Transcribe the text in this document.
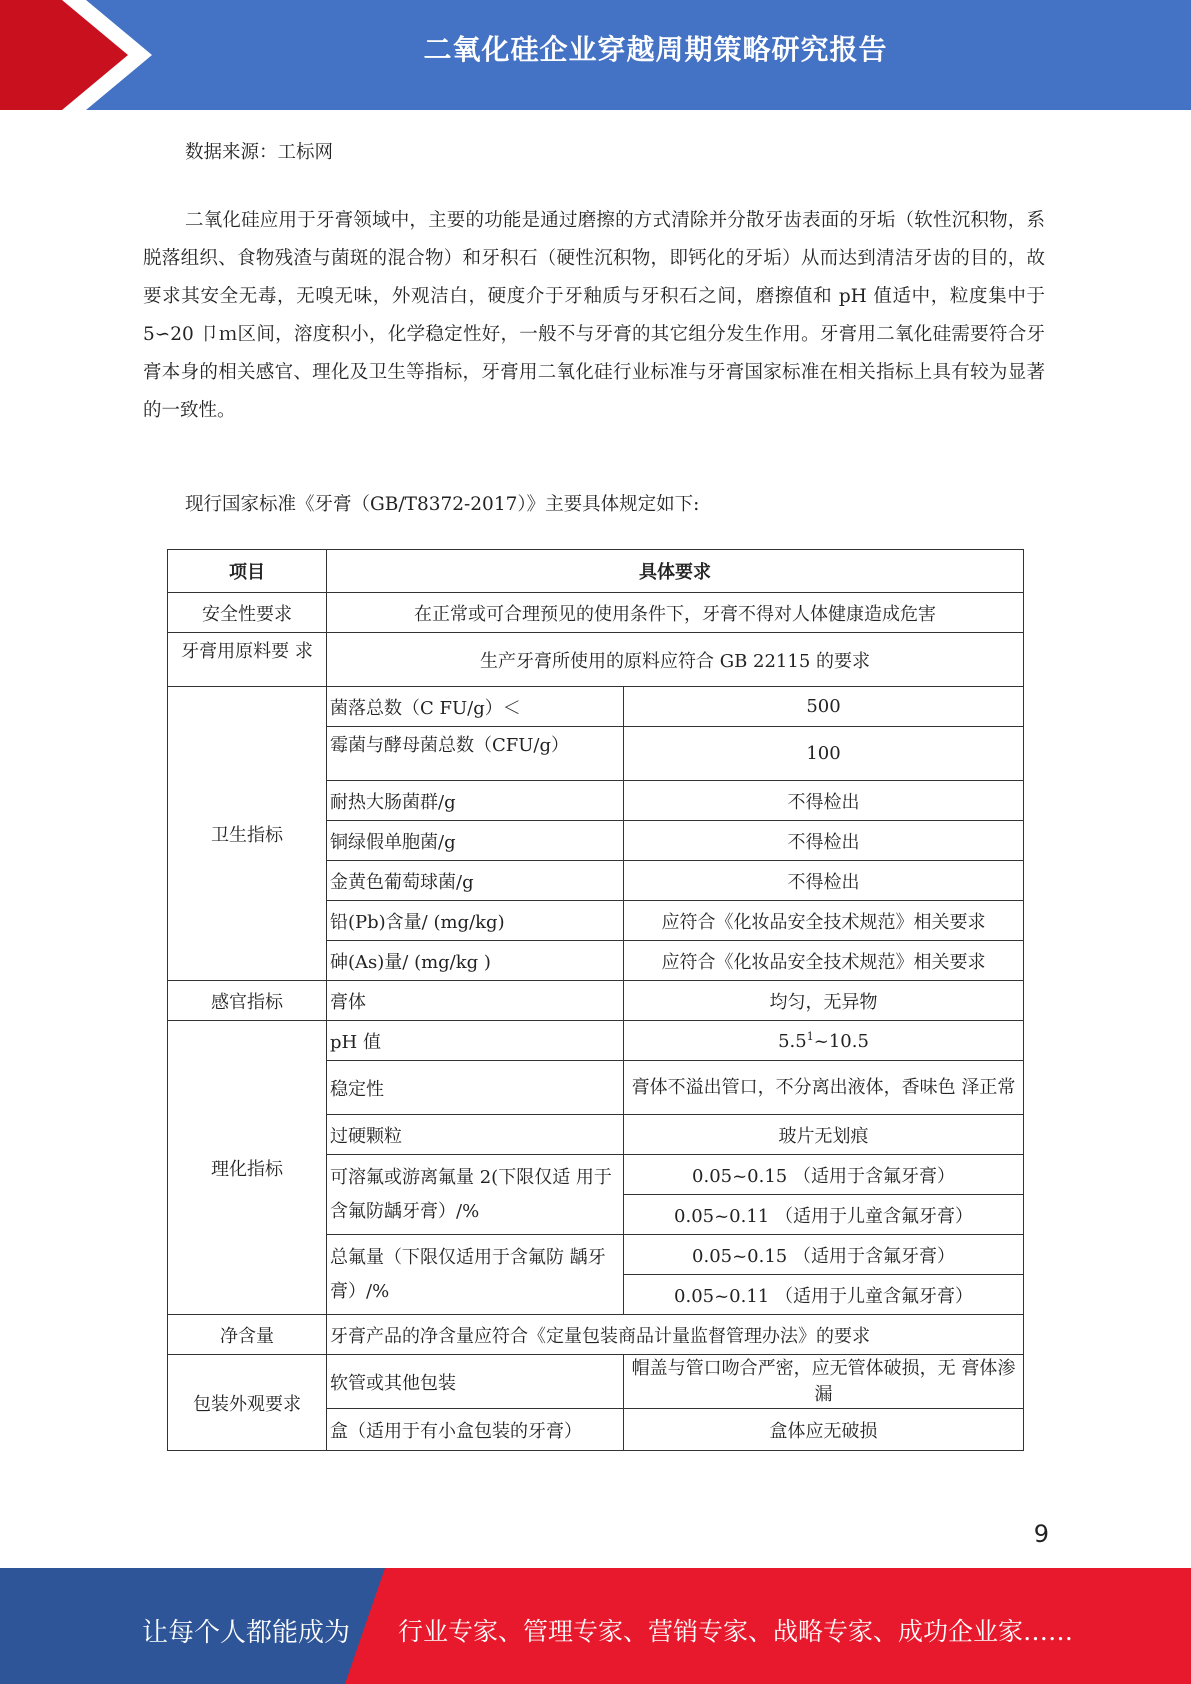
二氧化硅企业穿越周期策略研究报告
数据来源：工标网
二氧化硅应用于牙膏领域中，主要的功能是通过磨擦的方式清除并分散牙齿表面的牙垢（软性沉积物，系脱落组织、食物残渣与菌斑的混合物）和牙积石（硬性沉积物，即钙化的牙垢）从而达到清洁牙齿的目的，故要求其安全无毒，无嗅无味，外观洁白，硬度介于牙釉质与牙积石之间，磨擦值和 pH 值适中，粒度集中于 5∽20 卩ｍ区间，溶度积小，化学稳定性好，一般不与牙膏的其它组分发生作用。牙膏用二氧化硅需要符合牙膏本身的相关感官、理化及卫生等指标，牙膏用二氧化硅行业标准与牙膏国家标准在相关指标上具有较为显著的一致性。
现行国家标准《牙膏（GB/T8372-2017）》主要具体规定如下:
项目	具体要求	
安全性要求	在正常或可合理预见的使用条件下，牙膏不得对人体健康造成危害	
牙膏用原料要 求	生产牙膏所使用的原料应符合 GB 22115 的要求	
卫生指标	菌落总数（C FU/g）＜	500
	霉菌与酵母菌总数（CFU/g）	100
	耐热大肠菌群/g	不得检出
	铜绿假单胞菌/g	不得检出
	金黄色葡萄球菌/g	不得检出
	铅(Pb)含量/ (mg/kg)	应符合《化妆品安全技术规范》相关要求
	砷(As)量/ (mg/kg )	应符合《化妆品安全技术规范》相关要求
感官指标	膏体	均匀，无异物
理化指标	pH 值	$5.5^1\sim 10.5$
	稳定性	膏体不溢出管口，不分离出液体，香味色 泽正常
	过硬颗粒	玻片无划痕
	可溶氟或游离氟量 2(下限仅适 用于含氟防龋牙膏）/%	0.05~0.15 （适用于含氟牙膏）
		0.05~0.11 （适用于儿童含氟牙膏）
	总氟量（下限仅适用于含氟防 龋牙膏）/%	0.05~0.15 （适用于含氟牙膏）
		0.05~0.11 （适用于儿童含氟牙膏）
净含量	牙膏产品的净含量应符合《定量包装商品计量监督管理办法》的要求	
包装外观要求	软管或其他包装	帽盖与管口吻合严密，应无管体破损，无 膏体渗漏
	盒（适用于有小盒包装的牙膏）	盒体应无破损
9
让每个人都能成为 行业专家、管理专家、营销专家、战略专家、成功企业家……
